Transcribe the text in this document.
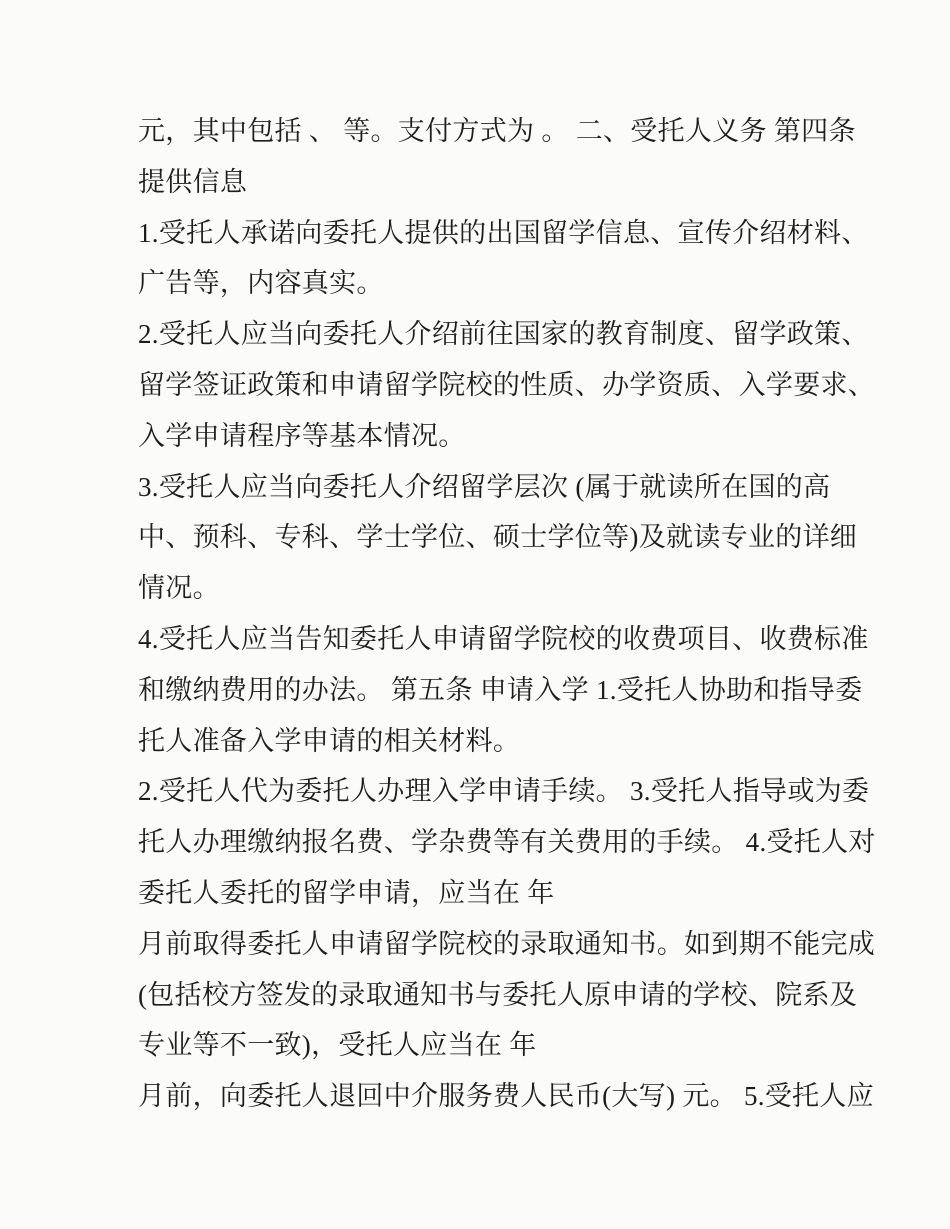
元，其中包括 、 等。支付方式为 。 二、受托人义务 第四条
提供信息
1.受托人承诺向委托人提供的出国留学信息、宣传介绍材料、
广告等，内容真实。
2.受托人应当向委托人介绍前往国家的教育制度、留学政策、
留学签证政策和申请留学院校的性质、办学资质、入学要求、
入学申请程序等基本情况。
3.受托人应当向委托人介绍留学层次 (属于就读所在国的高
中、预科、专科、学士学位、硕士学位等)及就读专业的详细
情况。
4.受托人应当告知委托人申请留学院校的收费项目、收费标准
和缴纳费用的办法。 第五条 申请入学 1.受托人协助和指导委
托人准备入学申请的相关材料。
2.受托人代为委托人办理入学申请手续。 3.受托人指导或为委
托人办理缴纳报名费、学杂费等有关费用的手续。 4.受托人对
委托人委托的留学申请，应当在 年
月前取得委托人申请留学院校的录取通知书。如到期不能完成
(包括校方签发的录取通知书与委托人原申请的学校、院系及
专业等不一致)，受托人应当在 年
月前，向委托人退回中介服务费人民币(大写) 元。 5.受托人应
